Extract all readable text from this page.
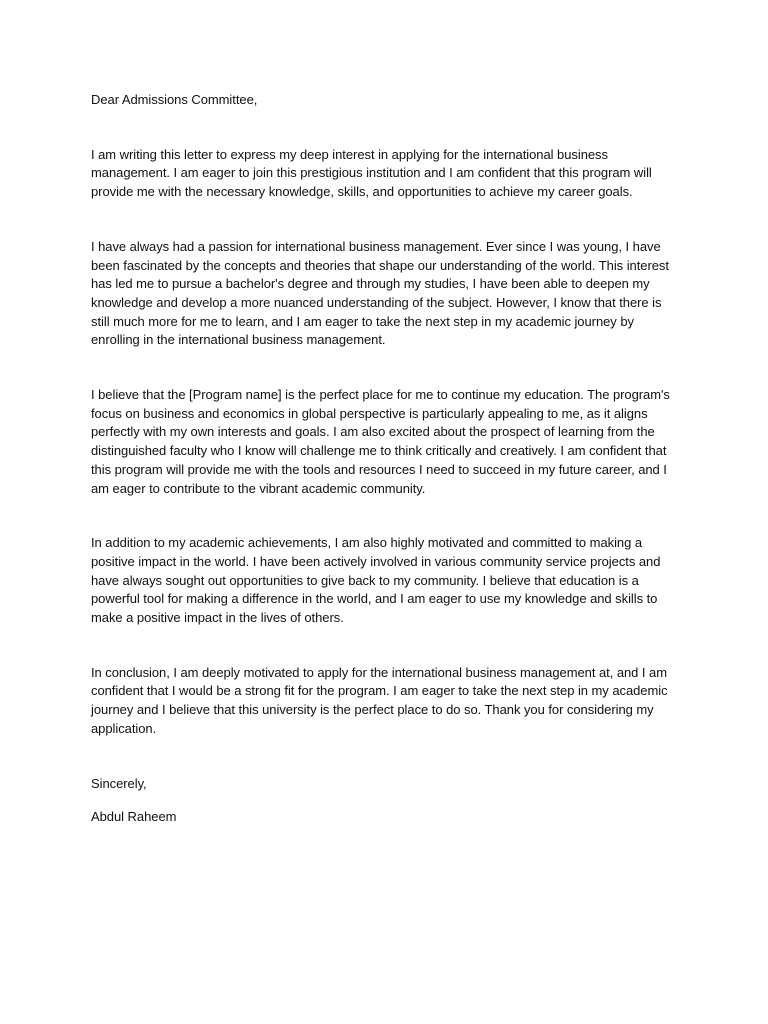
Dear Admissions Committee,

I am writing this letter to express my deep interest in applying for the international business management. I am eager to join this prestigious institution and I am confident that this program will provide me with the necessary knowledge, skills, and opportunities to achieve my career goals.

I have always had a passion for international business management. Ever since I was young, I have been fascinated by the concepts and theories that shape our understanding of the world. This interest has led me to pursue a bachelor's degree and through my studies, I have been able to deepen my knowledge and develop a more nuanced understanding of the subject. However, I know that there is still much more for me to learn, and I am eager to take the next step in my academic journey by enrolling in the international business management.

I believe that the [Program name] is the perfect place for me to continue my education. The program's focus on business and economics in global perspective is particularly appealing to me, as it aligns perfectly with my own interests and goals. I am also excited about the prospect of learning from the distinguished faculty who I know will challenge me to think critically and creatively. I am confident that this program will provide me with the tools and resources I need to succeed in my future career, and I am eager to contribute to the vibrant academic community.

In addition to my academic achievements, I am also highly motivated and committed to making a positive impact in the world. I have been actively involved in various community service projects and have always sought out opportunities to give back to my community. I believe that education is a powerful tool for making a difference in the world, and I am eager to use my knowledge and skills to make a positive impact in the lives of others.

In conclusion, I am deeply motivated to apply for the international business management at, and I am confident that I would be a strong fit for the program. I am eager to take the next step in my academic journey and I believe that this university is the perfect place to do so. Thank you for considering my application.

Sincerely,

Abdul Raheem
